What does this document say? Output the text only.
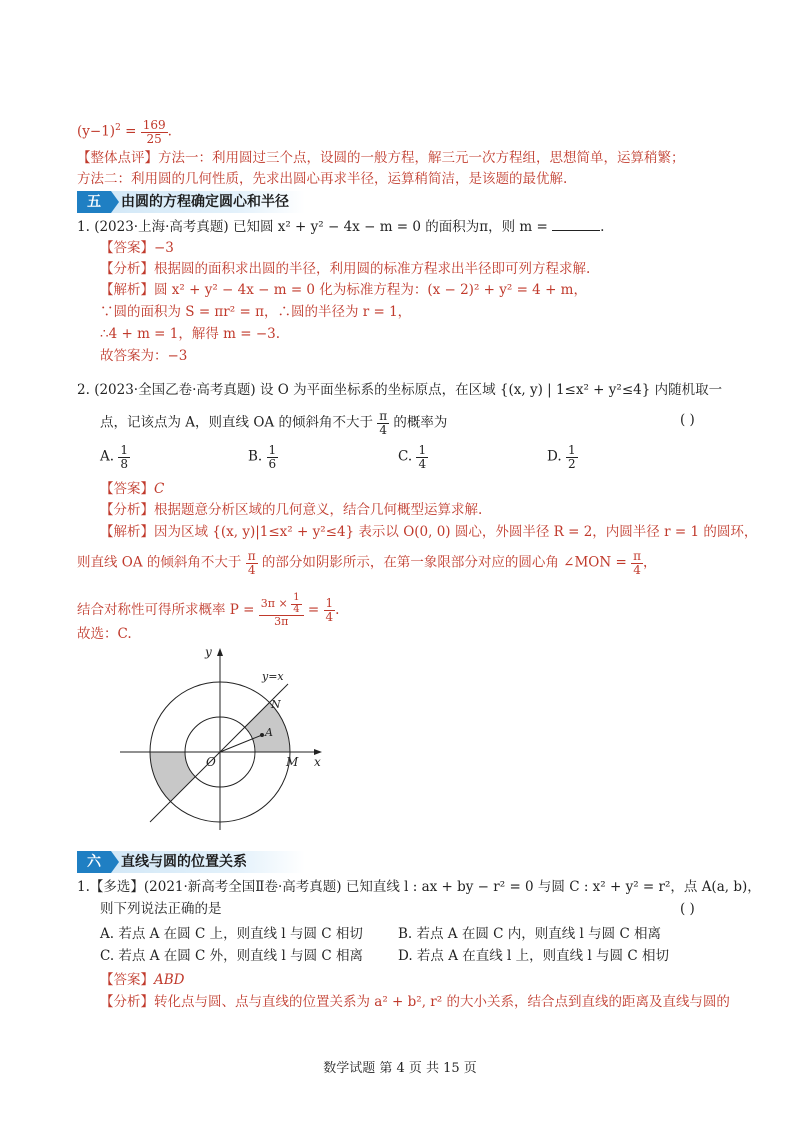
$(y-1)^2 = \frac{169}{25}$ .
【整体点评】方法一：利用圆过三个点，设圆的一般方程，解三元一次方程组，思想简单，运算稍繁；
方法二：利用圆的几何性质，先求出圆心再求半径，运算稍简洁，是该题的最优解.
五	由圆的方程确定圆心和半径
1. (2023·上海·高考真题) 已知圆 x² + y² − 4x − m = 0 的面积为π，则 m =	.
【答案】−3
【分析】根据圆的面积求出圆的半径，利用圆的标准方程求出半径即可列方程求解.
【解析】圆 x² + y² − 4x − m = 0 化为标准方程为：(x − 2)² + y² = 4 + m，
∵圆的面积为 S = πr² = π，∴圆的半径为 r = 1，
∴4 + m = 1，解得 m = −3.
故答案为：−3
2. (2023·全国乙卷·高考真题) 设 O 为平面坐标系的坐标原点，在区域 {(x, y) | 1≤x² + y²≤4} 内随机取一
点，记该点为 A，则直线 OA 的倾斜角不大于 $\frac{\pi}{4}$ 的概率为	( )
A. $\frac{1}{8}$	B. $\frac{1}{6}$	C. $\frac{1}{4}$	D. $\frac{1}{2}$
【答案】C
【分析】根据题意分析区域的几何意义，结合几何概型运算求解.
【解析】因为区域 {(x, y)|1≤x² + y²≤4} 表示以 O(0, 0) 圆心，外圆半径 R = 2，内圆半径 r = 1 的圆环，
则直线 OA 的倾斜角不大于 $\frac{\pi}{4}$ 的部分如阴影所示，在第一象限部分对应的圆心角 ∠MON = $\frac{\pi}{4}$ ，
结合对称性可得所求概率 $P = \frac{3\pi \times \frac{1}{4}}{3\pi} = \frac{1}{4}$ .
故选：C.
y
x
y=x
N
A
O	M
六	直线与圆的位置关系
1.【多选】(2021·新高考全国Ⅱ卷·高考真题) 已知直线 l : ax + by − r² = 0 与圆 C : x² + y² = r²，点 A(a, b)，
则下列说法正确的是	( )
A. 若点 A 在圆 C 上，则直线 l 与圆 C 相切	B. 若点 A 在圆 C 内，则直线 l 与圆 C 相离
C. 若点 A 在圆 C 外，则直线 l 与圆 C 相离	D. 若点 A 在直线 l 上，则直线 l 与圆 C 相切
【答案】ABD
【分析】转化点与圆、点与直线的位置关系为 a² + b², r² 的大小关系，结合点到直线的距离及直线与圆的
数学试题 第 4 页 共 15 页
